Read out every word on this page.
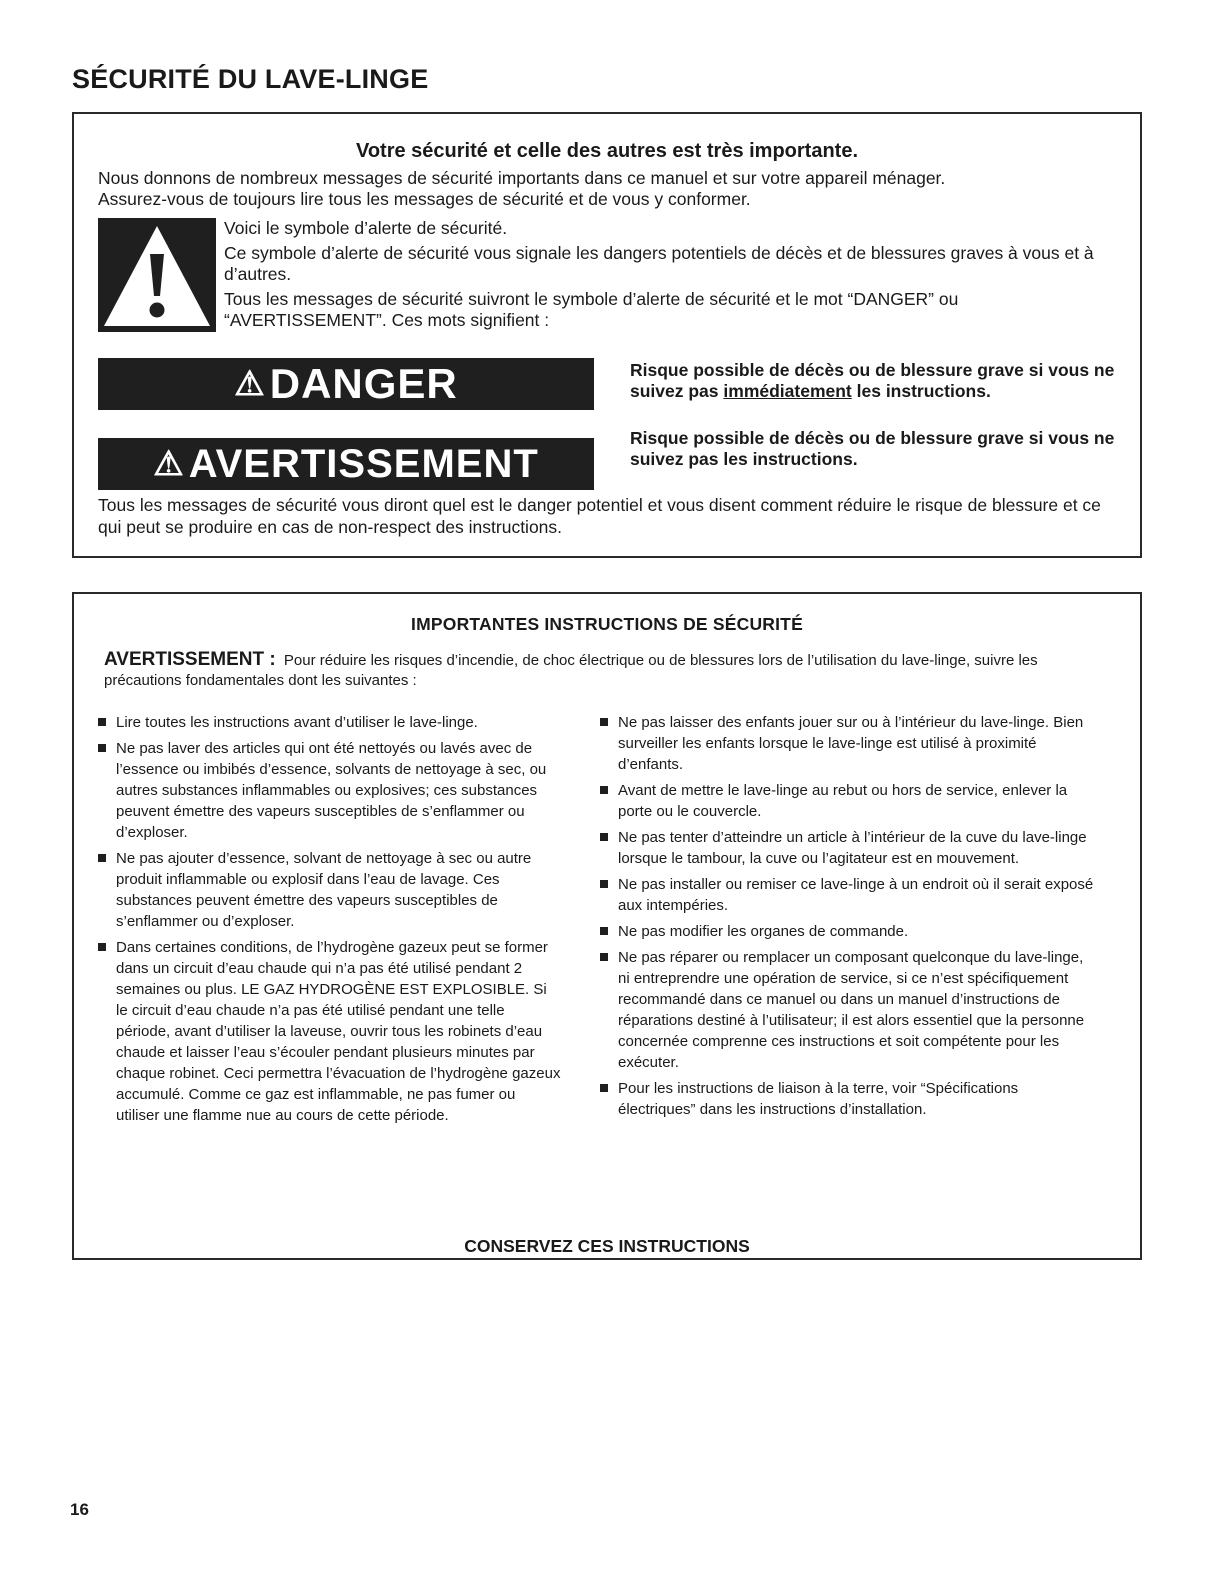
SÉCURITÉ DU LAVE-LINGE
Votre sécurité et celle des autres est très importante.
Nous donnons de nombreux messages de sécurité importants dans ce manuel et sur votre appareil ménager.
Assurez-vous de toujours lire tous les messages de sécurité et de vous y conformer.

Voici le symbole d’alerte de sécurité.

Ce symbole d’alerte de sécurité vous signale les dangers potentiels de décès et de blessures graves à vous et à d’autres.

Tous les messages de sécurité suivront le symbole d’alerte de sécurité et le mot “DANGER” ou “AVERTISSEMENT”. Ces mots signifient :

⚠ DANGER	Risque possible de décès ou de blessure grave si vous ne suivez pas immédiatement les instructions.
⚠ AVERTISSEMENT
Risque possible de décès ou de blessure grave si vous ne suivez pas les instructions.
Tous les messages de sécurité vous diront quel est le danger potentiel et vous disent comment réduire le risque de blessure et ce qui peut se produire en cas de non-respect des instructions.
IMPORTANTES INSTRUCTIONS DE SÉCURITÉ
AVERTISSEMENT : Pour réduire les risques d’incendie, de choc électrique ou de blessures lors de l’utilisation du lave-linge, suivre les précautions fondamentales dont les suivantes :
Lire toutes les instructions avant d’utiliser le lave-linge.
Ne pas laver des articles qui ont été nettoyés ou lavés avec de l’essence ou imbibés d’essence, solvants de nettoyage à sec, ou autres substances inflammables ou explosives; ces substances peuvent émettre des vapeurs susceptibles de s’enflammer ou d’exploser.
Ne pas ajouter d’essence, solvant de nettoyage à sec ou autre produit inflammable ou explosif dans l’eau de lavage. Ces substances peuvent émettre des vapeurs susceptibles de s’enflammer ou d’exploser.
Dans certaines conditions, de l’hydrogène gazeux peut se former dans un circuit d’eau chaude qui n’a pas été utilisé pendant 2 semaines ou plus. LE GAZ HYDROGÈNE EST EXPLOSIBLE. Si le circuit d’eau chaude n’a pas été utilisé pendant une telle période, avant d’utiliser la laveuse, ouvrir tous les robinets d’eau chaude et laisser l’eau s’écouler pendant plusieurs minutes par chaque robinet. Ceci permettra l’évacuation de l’hydrogène gazeux accumulé. Comme ce gaz est inflammable, ne pas fumer ou utiliser une flamme nue au cours de cette période.
Ne pas laisser des enfants jouer sur ou à l’intérieur du lave-linge. Bien surveiller les enfants lorsque le lave-linge est utilisé à proximité d’enfants.
Avant de mettre le lave-linge au rebut ou hors de service, enlever la porte ou le couvercle.
Ne pas tenter d’atteindre un article à l’intérieur de la cuve du lave-linge lorsque le tambour, la cuve ou l’agitateur est en mouvement.
Ne pas installer ou remiser ce lave-linge à un endroit où il serait exposé aux intempéries.
Ne pas modifier les organes de commande.
Ne pas réparer ou remplacer un composant quelconque du lave-linge, ni entreprendre une opération de service, si ce n’est spécifiquement recommandé dans ce manuel ou dans un manuel d’instructions de réparations destiné à l’utilisateur; il est alors essentiel que la personne concernée comprenne ces instructions et soit compétente pour les exécuter.
Pour les instructions de liaison à la terre, voir “Spécifications électriques” dans les instructions d’installation.
CONSERVEZ CES INSTRUCTIONS
16
